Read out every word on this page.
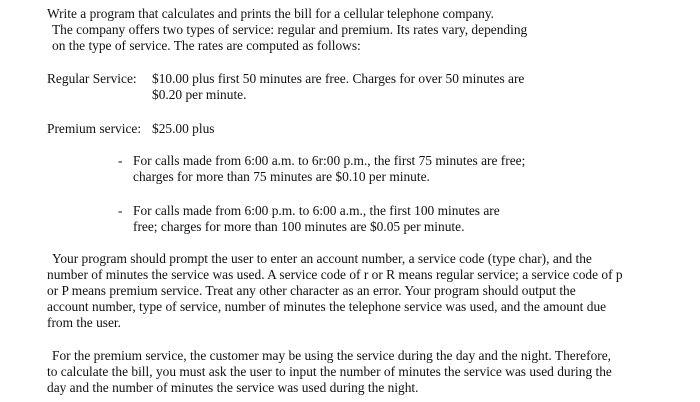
Write a program that calculates and prints the bill for a cellular telephone company.
The company offers two types of service: regular and premium. Its rates vary, depending
on the type of service. The rates are computed as follows:
Regular Service: $10.00 plus first 50 minutes are free. Charges for over 50 minutes are
$0.20 per minute.
Premium service: $25.00 plus
- For calls made from 6:00 a.m. to 6r:00 p.m., the first 75 minutes are free;
charges for more than 75 minutes are $0.10 per minute.
- For calls made from 6:00 p.m. to 6:00 a.m., the first 100 minutes are
free; charges for more than 100 minutes are $0.05 per minute.
Your program should prompt the user to enter an account number, a service code (type char), and the
number of minutes the service was used. A service code of r or R means regular service; a service code of p
or P means premium service. Treat any other character as an error. Your program should output the
account number, type of service, number of minutes the telephone service was used, and the amount due
from the user.
For the premium service, the customer may be using the service during the day and the night. Therefore,
to calculate the bill, you must ask the user to input the number of minutes the service was used during the
day and the number of minutes the service was used during the night.
